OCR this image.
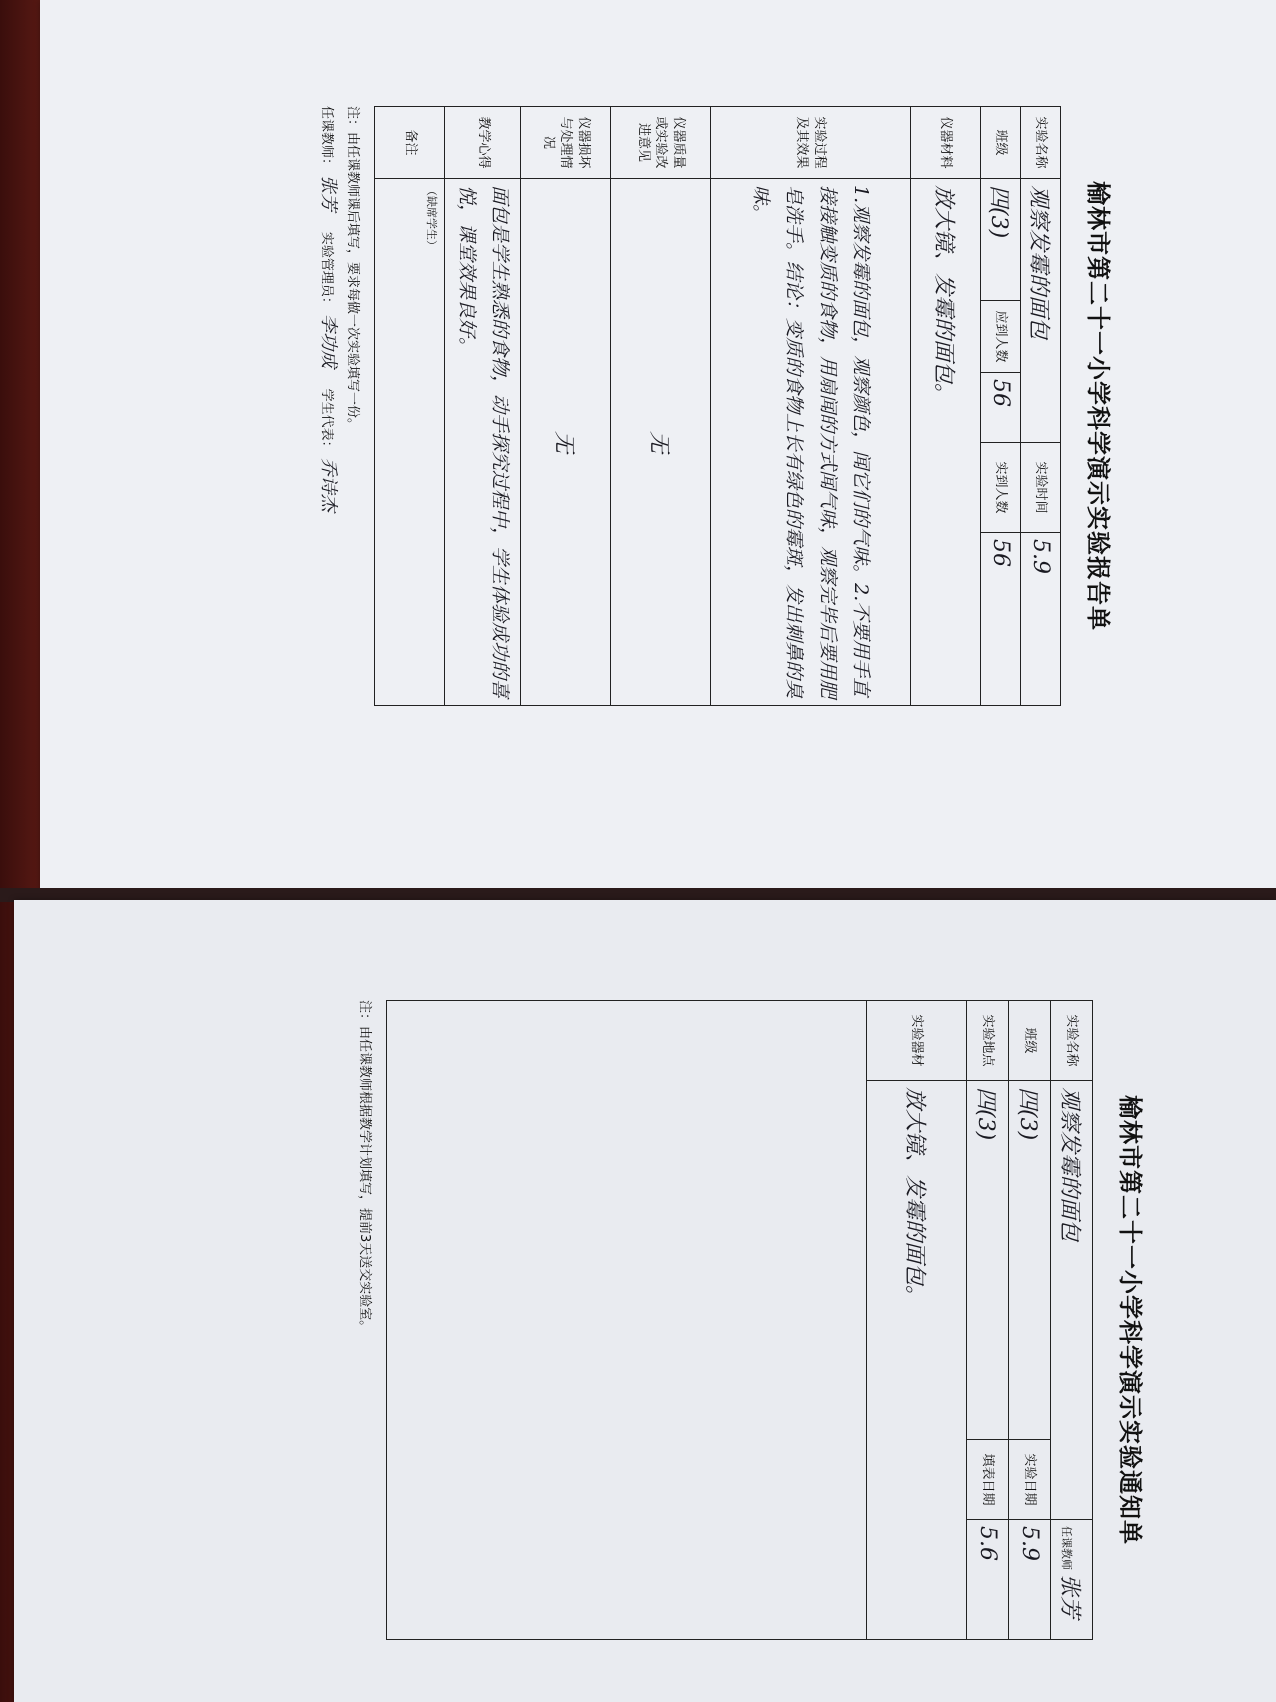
榆林市第二十一小学科学演示实验报告单
实验名称	观察发霉的面包			实验时间	5.9
班级	四(3)	应到人数	56	实到人数	56
仪器材料	放大镜、发霉的面包。				
实验过程及其效果	1.观察发霉的面包，观察颜色，闻它们的气味。2.不要用手直接接触变质的食物，用扇闻的方式闻气味，观察完毕后要用肥皂洗手。结论：变质的食物上长有绿色的霉斑，发出刺鼻的臭味。				
仪器质量或实验改进意见	无				
仪器损坏与处理情况	无				
教学心得	面包是学生熟悉的食物，动手探究过程中，学生体验成功的喜悦，课堂效果良好。				
备注	（缺席学生）				
注：由任课教师课后填写，要求每做一次实验填写一份。
任课教师： 张芳     实验管理员： 李功成     学生代表： 乔诗杰
榆林市第二十一小学科学演示实验通知单
实验名称	观察发霉的面包		任课教师 张芳
班级	四(3)	实验日期	5.9
实验地点	四(3)	填表日期	5.6
实验器材	放大镜、发霉的面包。		

注：由任课教师根据教学计划填写，提前3天送交实验室。
